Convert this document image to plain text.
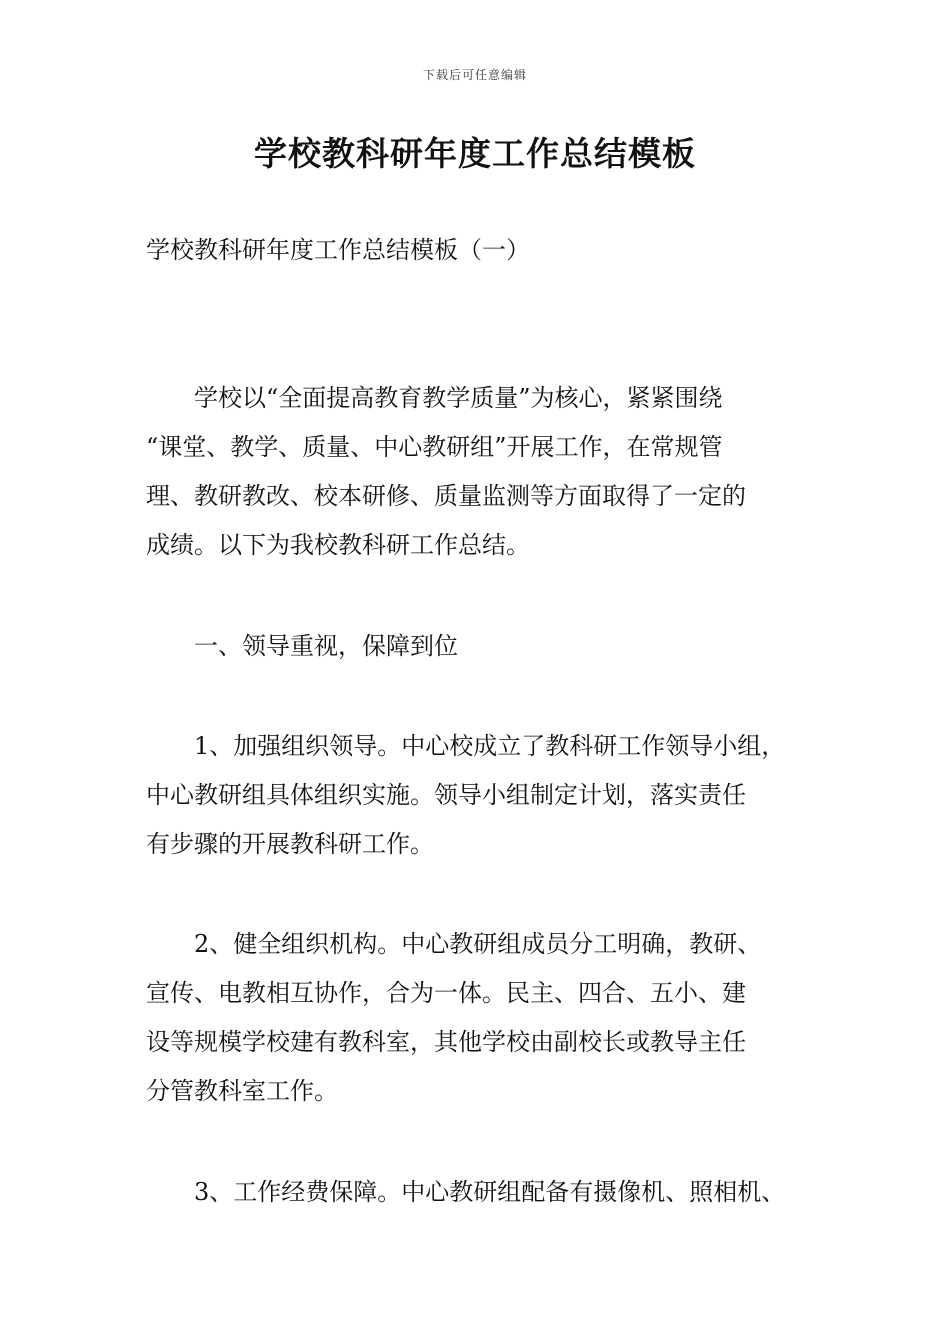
下载后可任意编辑
学校教科研年度工作总结模板

学校教科研年度工作总结模板（一）

　　学校以“全面提高教育教学质量”为核心，紧紧围绕
“课堂、教学、质量、中心教研组”开展工作，在常规管
理、教研教改、校本研修、质量监测等方面取得了一定的
成绩。以下为我校教科研工作总结。

　　一、领导重视，保障到位

　　1、加强组织领导。中心校成立了教科研工作领导小组，
中心教研组具体组织实施。领导小组制定计划，落实责任
有步骤的开展教科研工作。

　　2、健全组织机构。中心教研组成员分工明确，教研、
宣传、电教相互协作，合为一体。民主、四合、五小、建
设等规模学校建有教科室，其他学校由副校长或教导主任
分管教科室工作。

　　3、工作经费保障。中心教研组配备有摄像机、照相机、
